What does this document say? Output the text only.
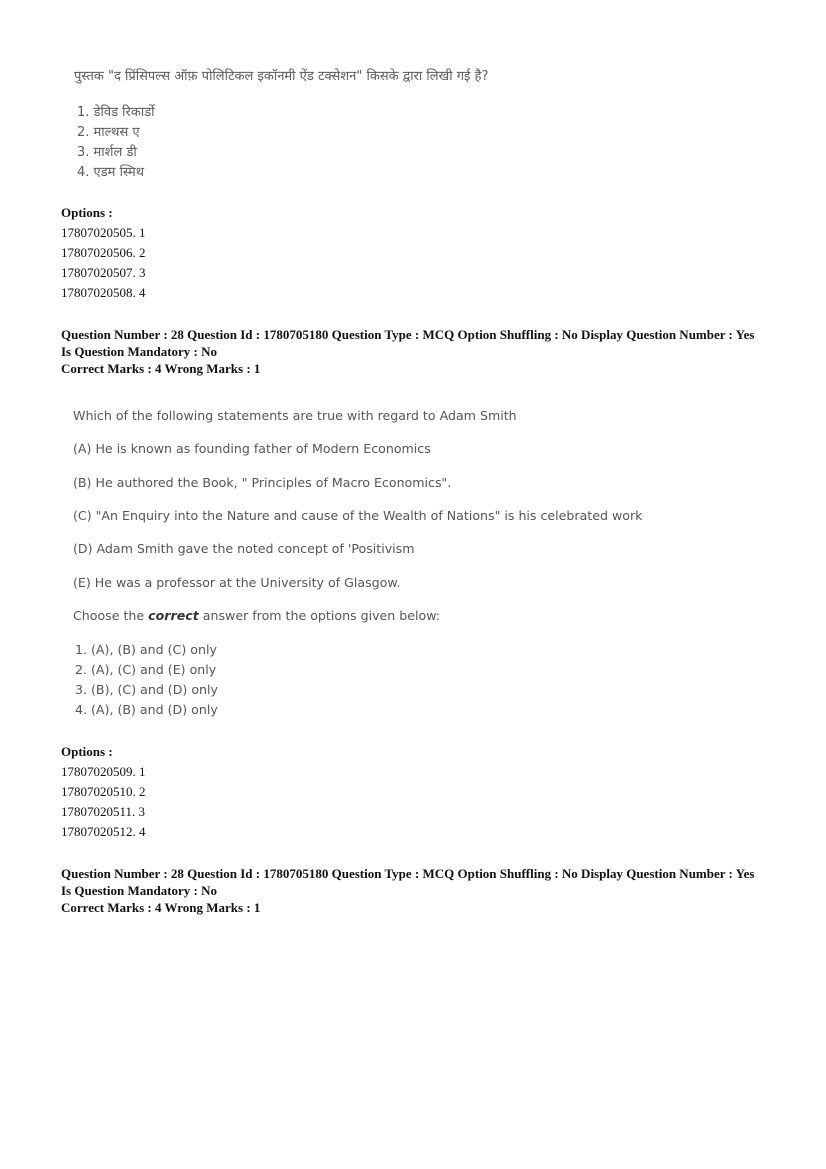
पुस्तक "द प्रिंसिपल्स ऑफ़ पोलिटिकल इकॉनमी ऐंड टक्सेशन" किसके द्वारा लिखी गई है?
1. डेविड रिकार्डो
2. माल्थस ए
3. मार्शल डी
4. एडम स्मिथ
Options :
17807020505. 1
17807020506. 2
17807020507. 3
17807020508. 4
Question Number : 28 Question Id : 1780705180 Question Type : MCQ Option Shuffling : No Display Question Number : Yes
Is Question Mandatory : No
Correct Marks : 4 Wrong Marks : 1
Which of the following statements are true with regard to Adam Smith
(A) He is known as founding father of Modern Economics
(B) He authored the Book, " Principles of Macro Economics".
(C) "An Enquiry into the Nature and cause of the Wealth of Nations" is his celebrated work
(D) Adam Smith gave the noted concept of 'Positivism
(E) He was a professor at the University of Glasgow.
Choose the correct answer from the options given below:
1. (A), (B) and (C) only
2. (A), (C) and (E) only
3. (B), (C) and (D) only
4. (A), (B) and (D) only
Options :
17807020509. 1
17807020510. 2
17807020511. 3
17807020512. 4
Question Number : 28 Question Id : 1780705180 Question Type : MCQ Option Shuffling : No Display Question Number : Yes
Is Question Mandatory : No
Correct Marks : 4 Wrong Marks : 1
